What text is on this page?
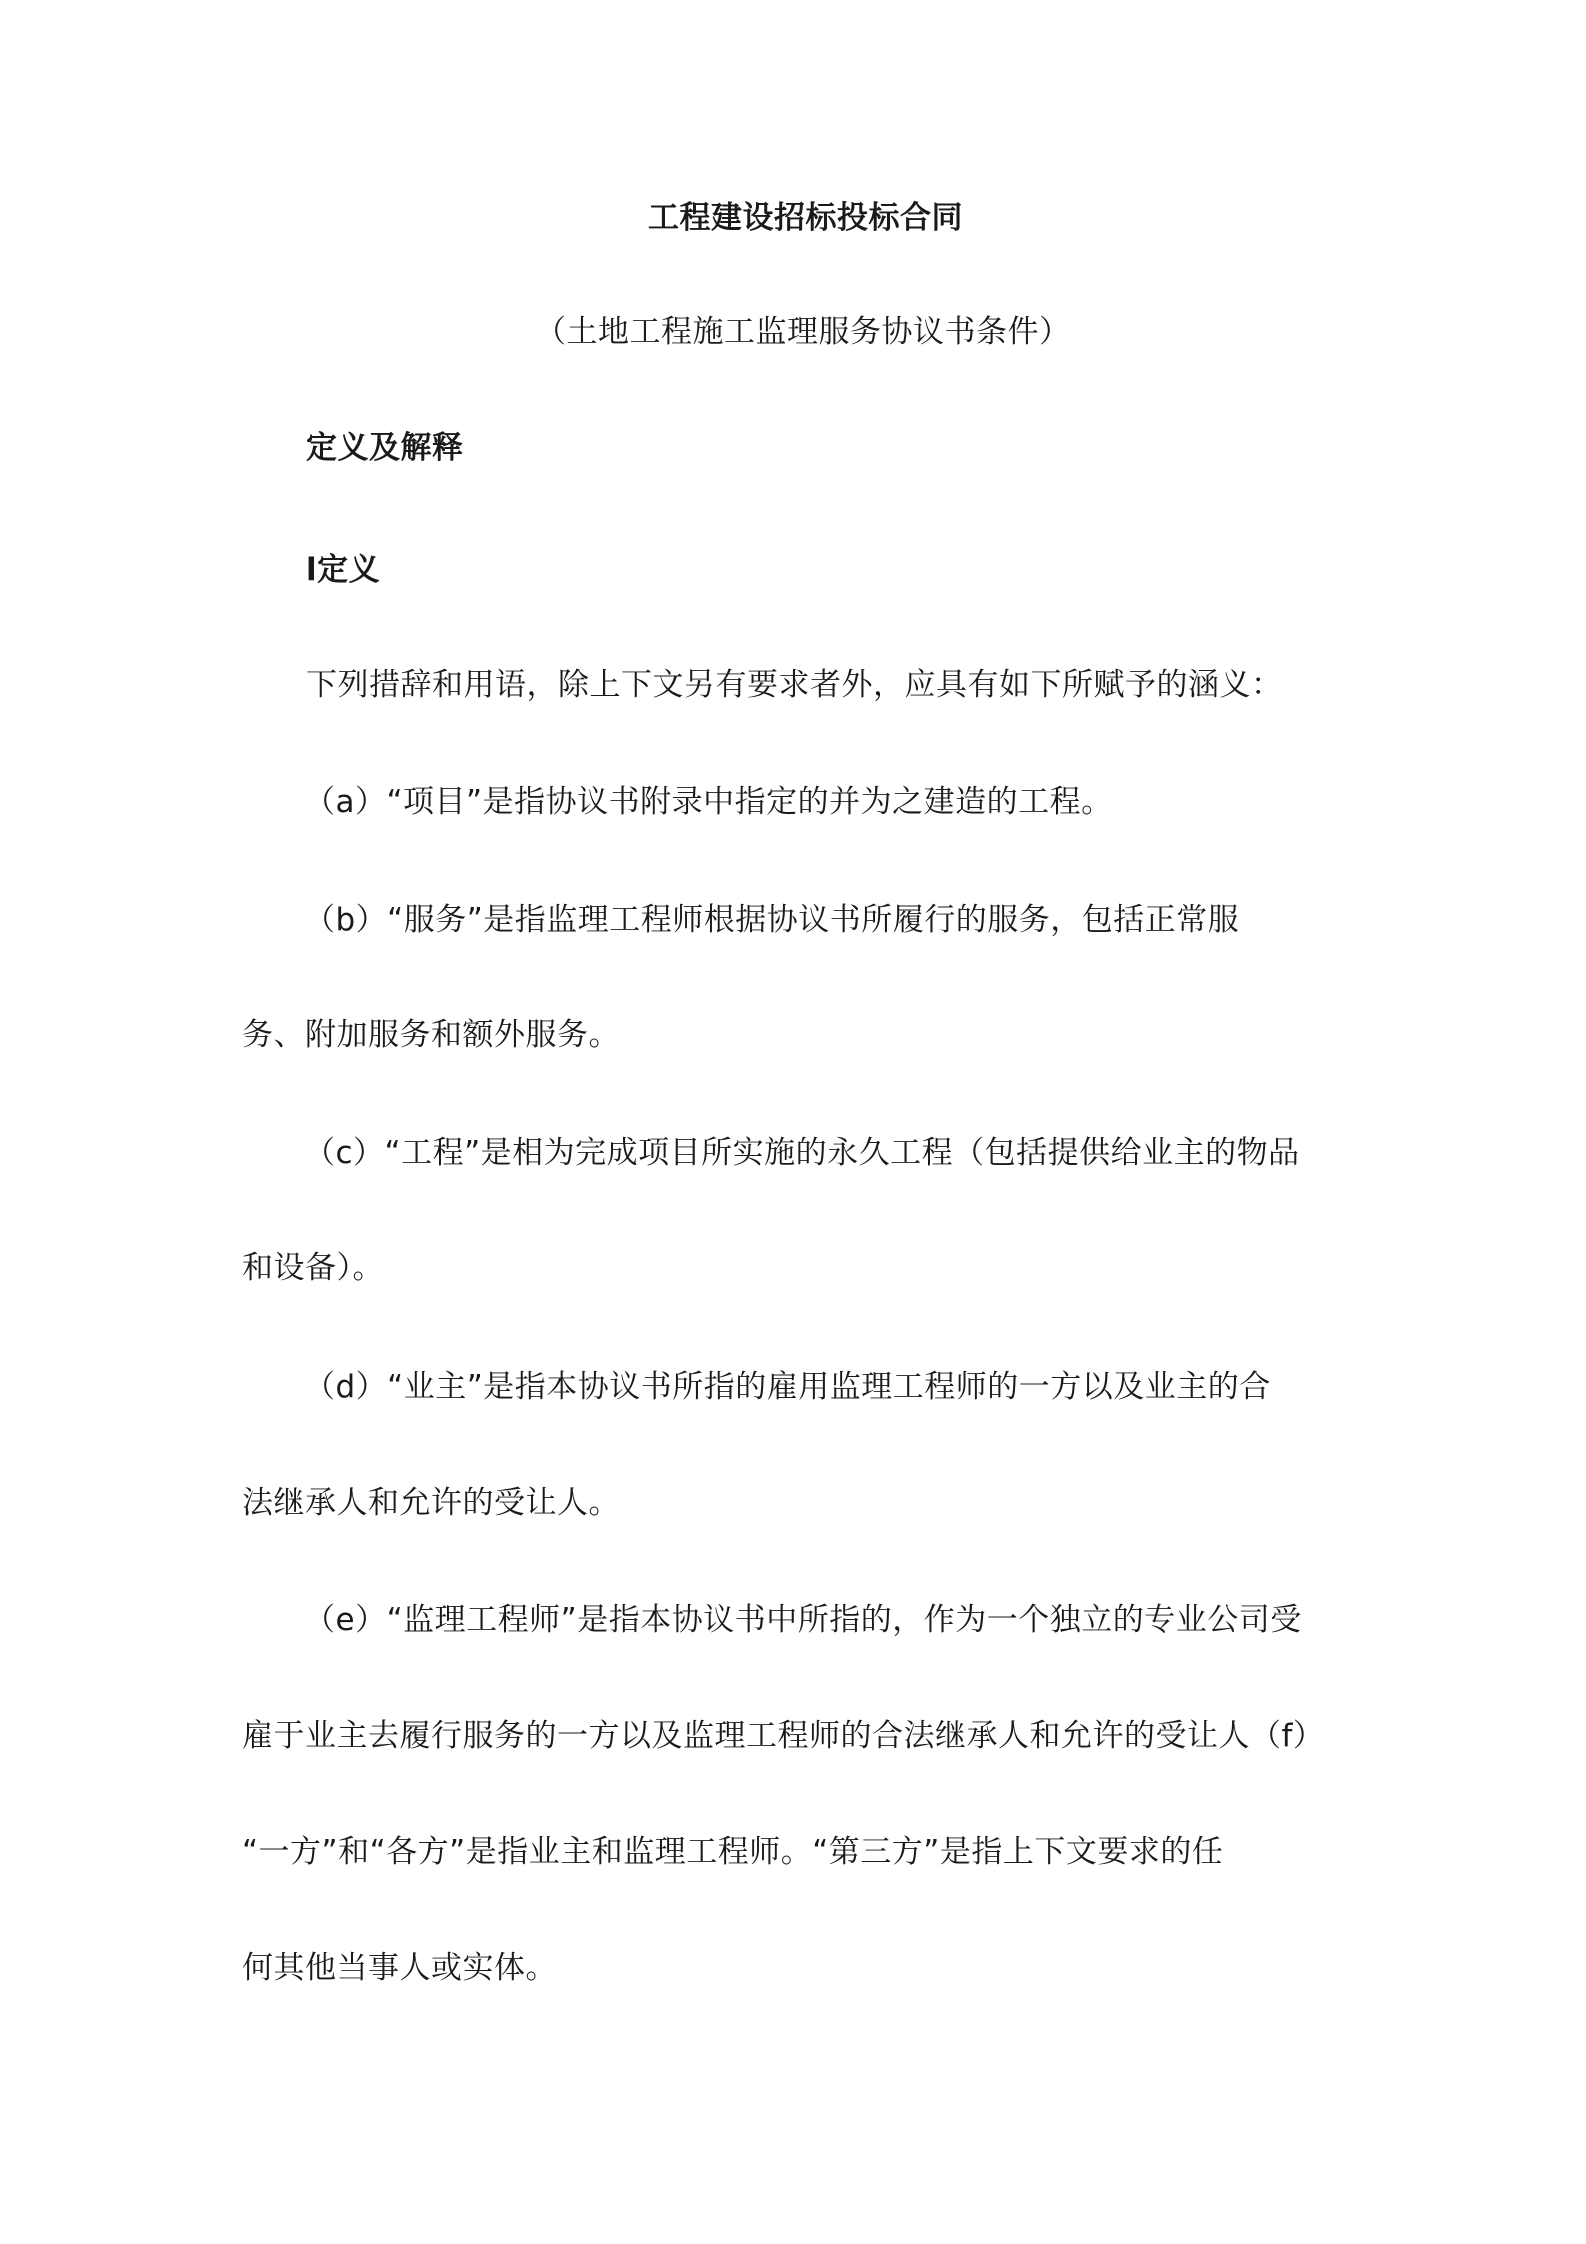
工程建设招标投标合同
（土地工程施工监理服务协议书条件）
定义及解释
l定义
下列措辞和用语，除上下文另有要求者外，应具有如下所赋予的涵义：
（a）“项目”是指协议书附录中指定的并为之建造的工程。
（b）“服务”是指监理工程师根据协议书所履行的服务，包括正常服
务、附加服务和额外服务。
（c）“工程”是相为完成项目所实施的永久工程（包括提供给业主的物品
和设备）。
（d）“业主”是指本协议书所指的雇用监理工程师的一方以及业主的合
法继承人和允许的受让人。
（e）“监理工程师”是指本协议书中所指的，作为一个独立的专业公司受
雇于业主去履行服务的一方以及监理工程师的合法继承人和允许的受让人（f）
“一方”和“各方”是指业主和监理工程师。“第三方”是指上下文要求的任
何其他当事人或实体。
